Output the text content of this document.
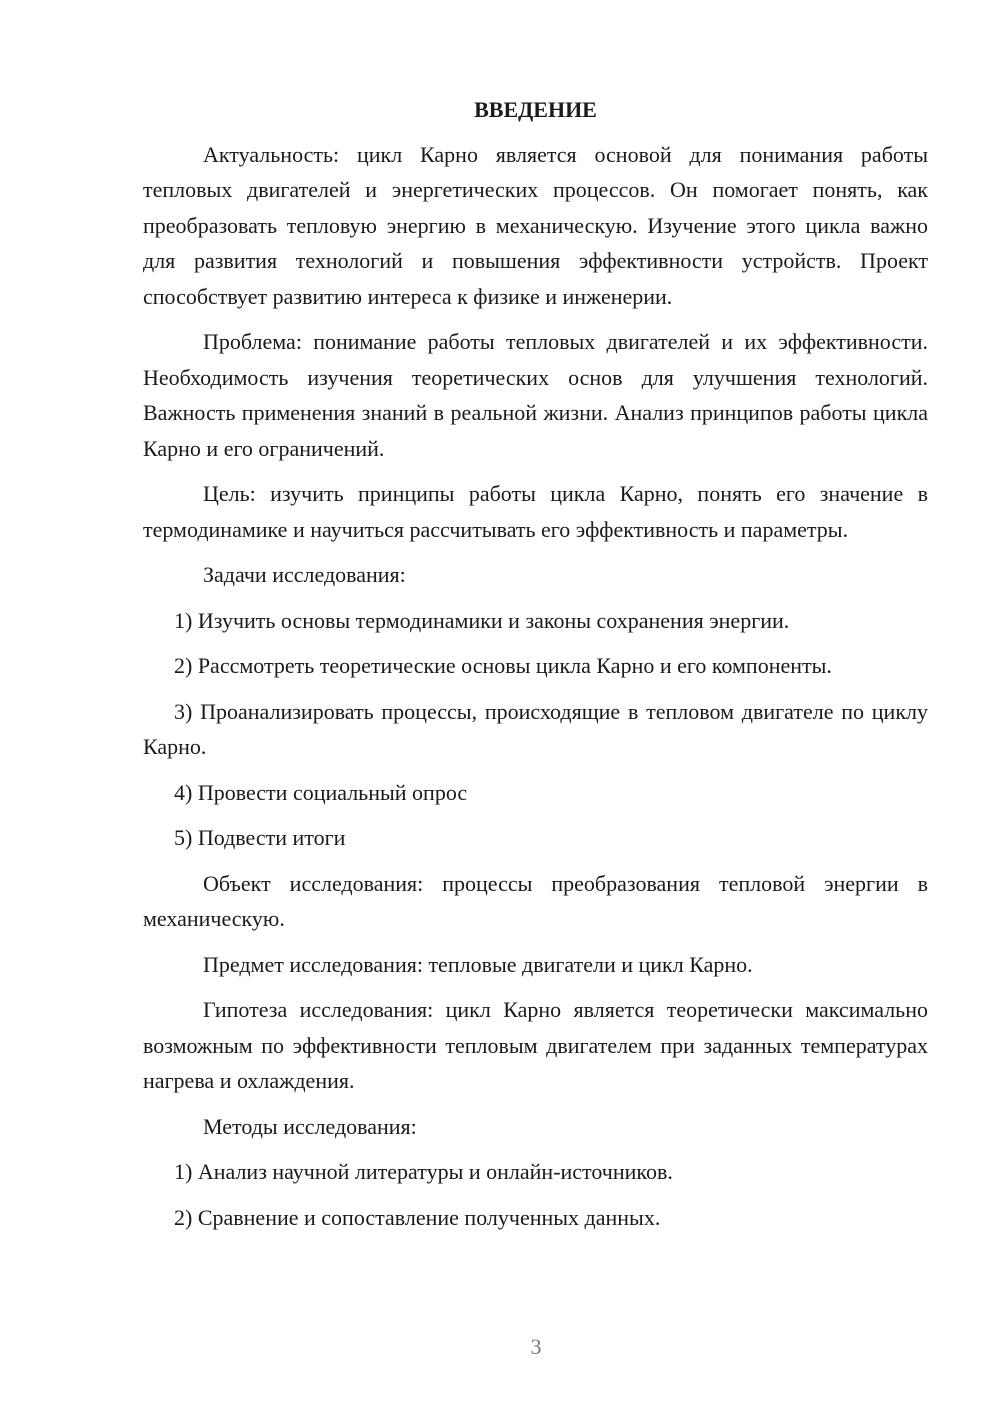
ВВЕДЕНИЕ

Актуальность: цикл Карно является основой для понимания работы тепловых двигателей и энергетических процессов. Он помогает понять, как преобразовать тепловую энергию в механическую. Изучение этого цикла важно для развития технологий и повышения эффективности устройств. Проект способствует развитию интереса к физике и инженерии.

Проблема: понимание работы тепловых двигателей и их эффективности. Необходимость изучения теоретических основ для улучшения технологий. Важность применения знаний в реальной жизни. Анализ принципов работы цикла Карно и его ограничений.

Цель: изучить принципы работы цикла Карно, понять его значение в термодинамике и научиться рассчитывать его эффективность и параметры.

Задачи исследования:

1) Изучить основы термодинамики и законы сохранения энергии.

2) Рассмотреть теоретические основы цикла Карно и его компоненты.

3) Проанализировать процессы, происходящие в тепловом двигателе по циклу Карно.

4) Провести социальный опрос

5) Подвести итоги

Объект исследования: процессы преобразования тепловой энергии в механическую.

Предмет исследования: тепловые двигатели и цикл Карно.

Гипотеза исследования: цикл Карно является теоретически максимально возможным по эффективности тепловым двигателем при заданных температурах нагрева и охлаждения.

Методы исследования:

1) Анализ научной литературы и онлайн-источников.

2) Сравнение и сопоставление полученных данных.

3
